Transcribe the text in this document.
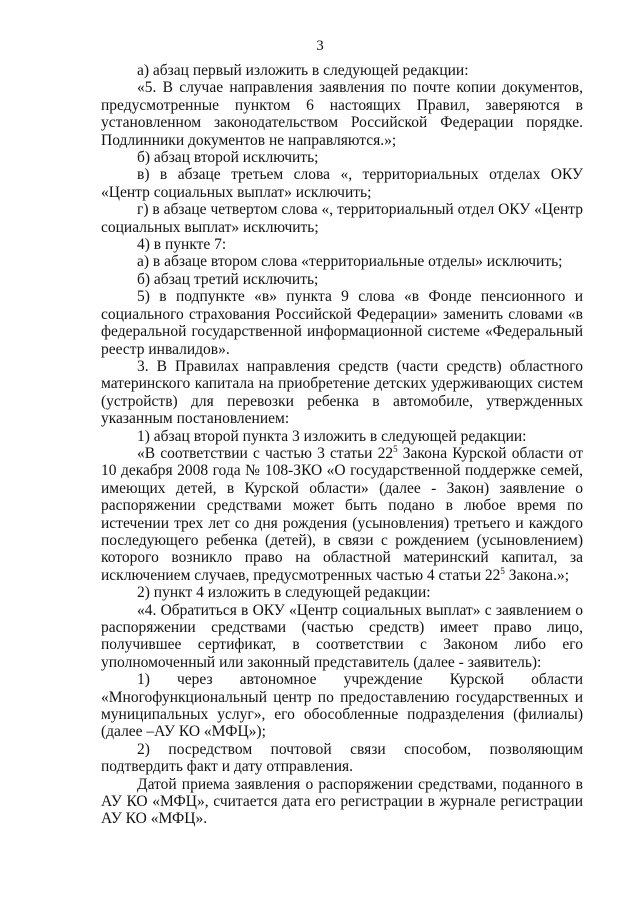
3

а) абзац первый изложить в следующей редакции:

«5. В случае направления заявления по почте копии документов, предусмотренные пунктом 6 настоящих Правил, заверяются в установленном законодательством Российской Федерации порядке. Подлинники документов не направляются.»;

б) абзац второй исключить;

в) в абзаце третьем слова «, территориальных отделах ОКУ «Центр социальных выплат» исключить;

г) в абзаце четвертом слова «, территориальный отдел ОКУ «Центр социальных выплат» исключить;

4) в пункте 7:

а) в абзаце втором слова «территориальные отделы» исключить;

б) абзац третий исключить;

5) в подпункте «в» пункта 9 слова «в Фонде пенсионного и социального страхования Российской Федерации» заменить словами «в федеральной государственной информационной системе «Федеральный реестр инвалидов».

3. В Правилах направления средств (части средств) областного материнского капитала на приобретение детских удерживающих систем (устройств) для перевозки ребенка в автомобиле, утвержденных указанным постановлением:

1) абзац второй пункта 3 изложить в следующей редакции:

«В соответствии с частью 3 статьи $22^5$ Закона Курской области от 10 декабря 2008 года № 108-ЗКО «О государственной поддержке семей, имеющих детей, в Курской области» (далее - Закон) заявление о распоряжении средствами может быть подано в любое время по истечении трех лет со дня рождения (усыновления) третьего и каждого последующего ребенка (детей), в связи с рождением (усыновлением) которого возникло право на областной материнский капитал, за исключением случаев, предусмотренных частью 4 статьи $22^5$ Закона.»;

2) пункт 4 изложить в следующей редакции:

«4. Обратиться в ОКУ «Центр социальных выплат» с заявлением о распоряжении средствами (частью средств) имеет право лицо, получившее сертификат, в соответствии с Законом либо его уполномоченный или законный представитель (далее - заявитель):

1) через автономное учреждение Курской области «Многофункциональный центр по предоставлению государственных и муниципальных услуг», его обособленные подразделения (филиалы) (далее –АУ КО «МФЦ»);

2) посредством почтовой связи способом, позволяющим подтвердить факт и дату отправления.

Датой приема заявления о распоряжении средствами, поданного в АУ КО «МФЦ», считается дата его регистрации в журнале регистрации АУ КО «МФЦ».
